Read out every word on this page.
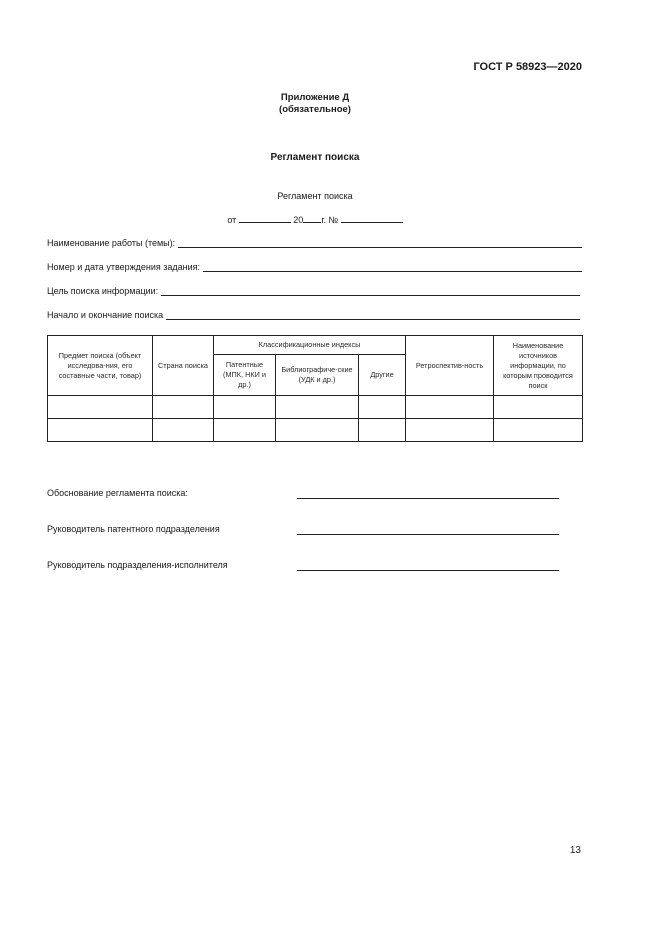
ГОСТ Р 58923—2020
Приложение Д
(обязательное)
Регламент поиска
Регламент поиска
от	20 г. №
Наименование работы (темы):
Номер и дата утверждения задания:
Цель поиска информации:
Начало и окончание поиска
Предмет поиска (объект исследова-ния, его составные части, товар)	Страна поиска	Классификационные индексы			Ретроспектив-ность	Наименование источников информации, по которым проводится поиск
		Патентные (МПК, НКИ и др.)	Библиографиче-ские (УДК и др.)	Другие		

Обоснование регламента поиска:
Руководитель патентного подразделения
Руководитель подразделения-исполнителя
13
